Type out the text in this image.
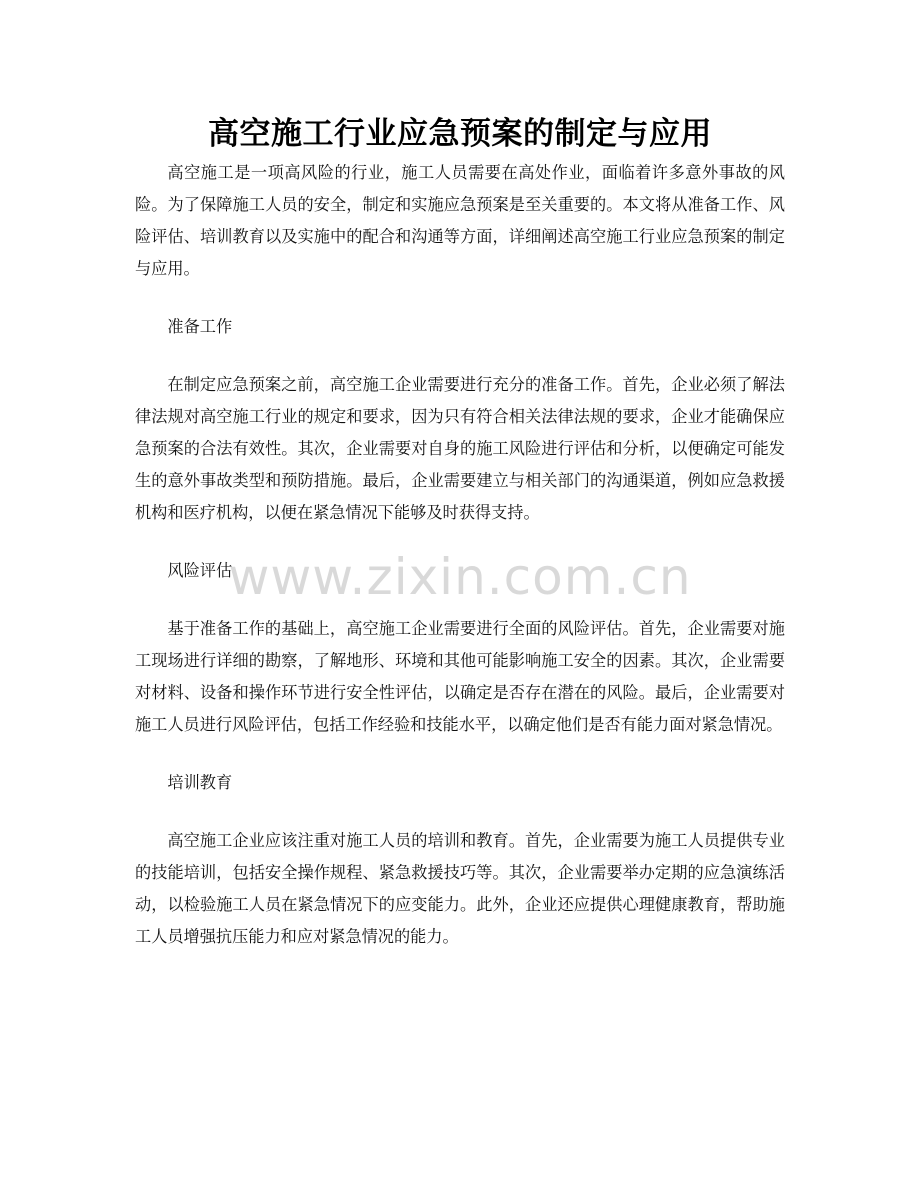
高空施工行业应急预案的制定与应用

高空施工是一项高风险的行业，施工人员需要在高处作业，面临着许多意外事故的风险。为了保障施工人员的安全，制定和实施应急预案是至关重要的。本文将从准备工作、风险评估、培训教育以及实施中的配合和沟通等方面，详细阐述高空施工行业应急预案的制定与应用。

准备工作

在制定应急预案之前，高空施工企业需要进行充分的准备工作。首先，企业必须了解法律法规对高空施工行业的规定和要求，因为只有符合相关法律法规的要求，企业才能确保应急预案的合法有效性。其次，企业需要对自身的施工风险进行评估和分析，以便确定可能发生的意外事故类型和预防措施。最后，企业需要建立与相关部门的沟通渠道，例如应急救援机构和医疗机构，以便在紧急情况下能够及时获得支持。

风险评估

基于准备工作的基础上，高空施工企业需要进行全面的风险评估。首先，企业需要对施工现场进行详细的勘察，了解地形、环境和其他可能影响施工安全的因素。其次，企业需要对材料、设备和操作环节进行安全性评估，以确定是否存在潜在的风险。最后，企业需要对施工人员进行风险评估，包括工作经验和技能水平，以确定他们是否有能力面对紧急情况。

培训教育

高空施工企业应该注重对施工人员的培训和教育。首先，企业需要为施工人员提供专业的技能培训，包括安全操作规程、紧急救援技巧等。其次，企业需要举办定期的应急演练活动，以检验施工人员在紧急情况下的应变能力。此外，企业还应提供心理健康教育，帮助施工人员增强抗压能力和应对紧急情况的能力。

www.zixin.com.cn
